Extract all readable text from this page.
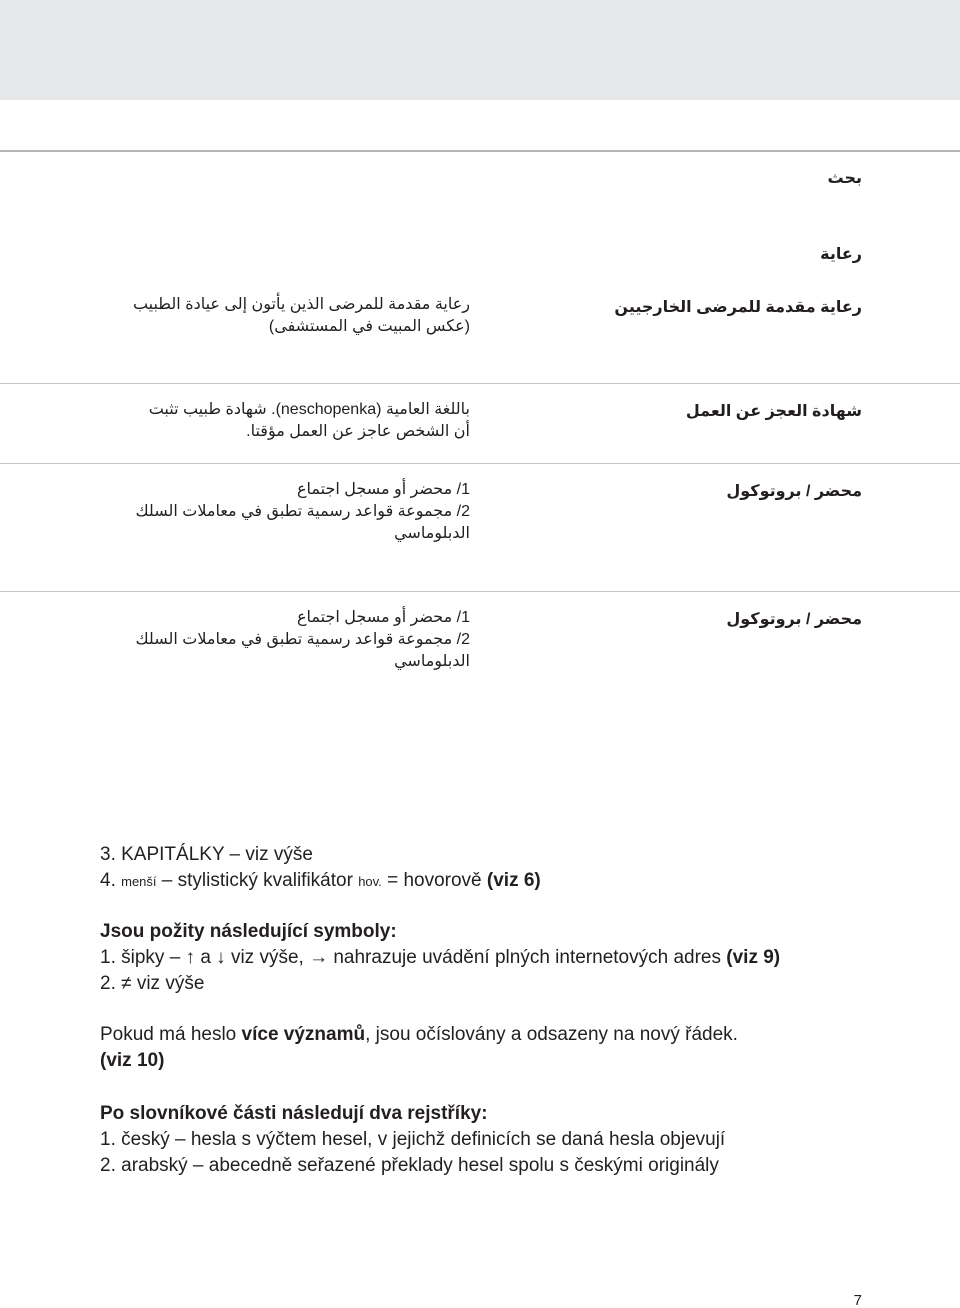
بحث
رعاية
رعاية مقدمة للمرضى الخارجيين
رعاية مقدمة للمرضى الذين يأتون إلى عيادة الطبيب
(عكس المبيت في المستشفى)
شهادة العجز عن العمل
باللغة العامية (neschopenka). شهادة طبيب تثبت
أن الشخص عاجز عن العمل مؤقتا.
محضر / بروتوكول
1/ محضر أو مسجل اجتماع
2/ مجموعة قواعد رسمية تطبق في معاملات السلك
الدبلوماسي
محضر / بروتوكول
1/ محضر أو مسجل اجتماع
2/ مجموعة قواعد رسمية تطبق في معاملات السلك
الدبلوماسي
3. KAPITÁLKY – viz výše
4. menší – stylistický kvalifikátor hov. = hovorově (viz 6)
Jsou požity následující symboly:
1. šipky – ↑ a ↓ viz výše, → nahrazuje uvádění plných internetových adres (viz 9)
2. ≠ viz výše
Pokud má heslo více významů, jsou očíslovány a odsazeny na nový řádek.
(viz 10)
Po slovníkové části následují dva rejstříky:
1. český – hesla s výčtem hesel, v jejichž definicích se daná hesla objevují
2. arabský – abecedně seřazené překlady hesel spolu s českými originály
7
